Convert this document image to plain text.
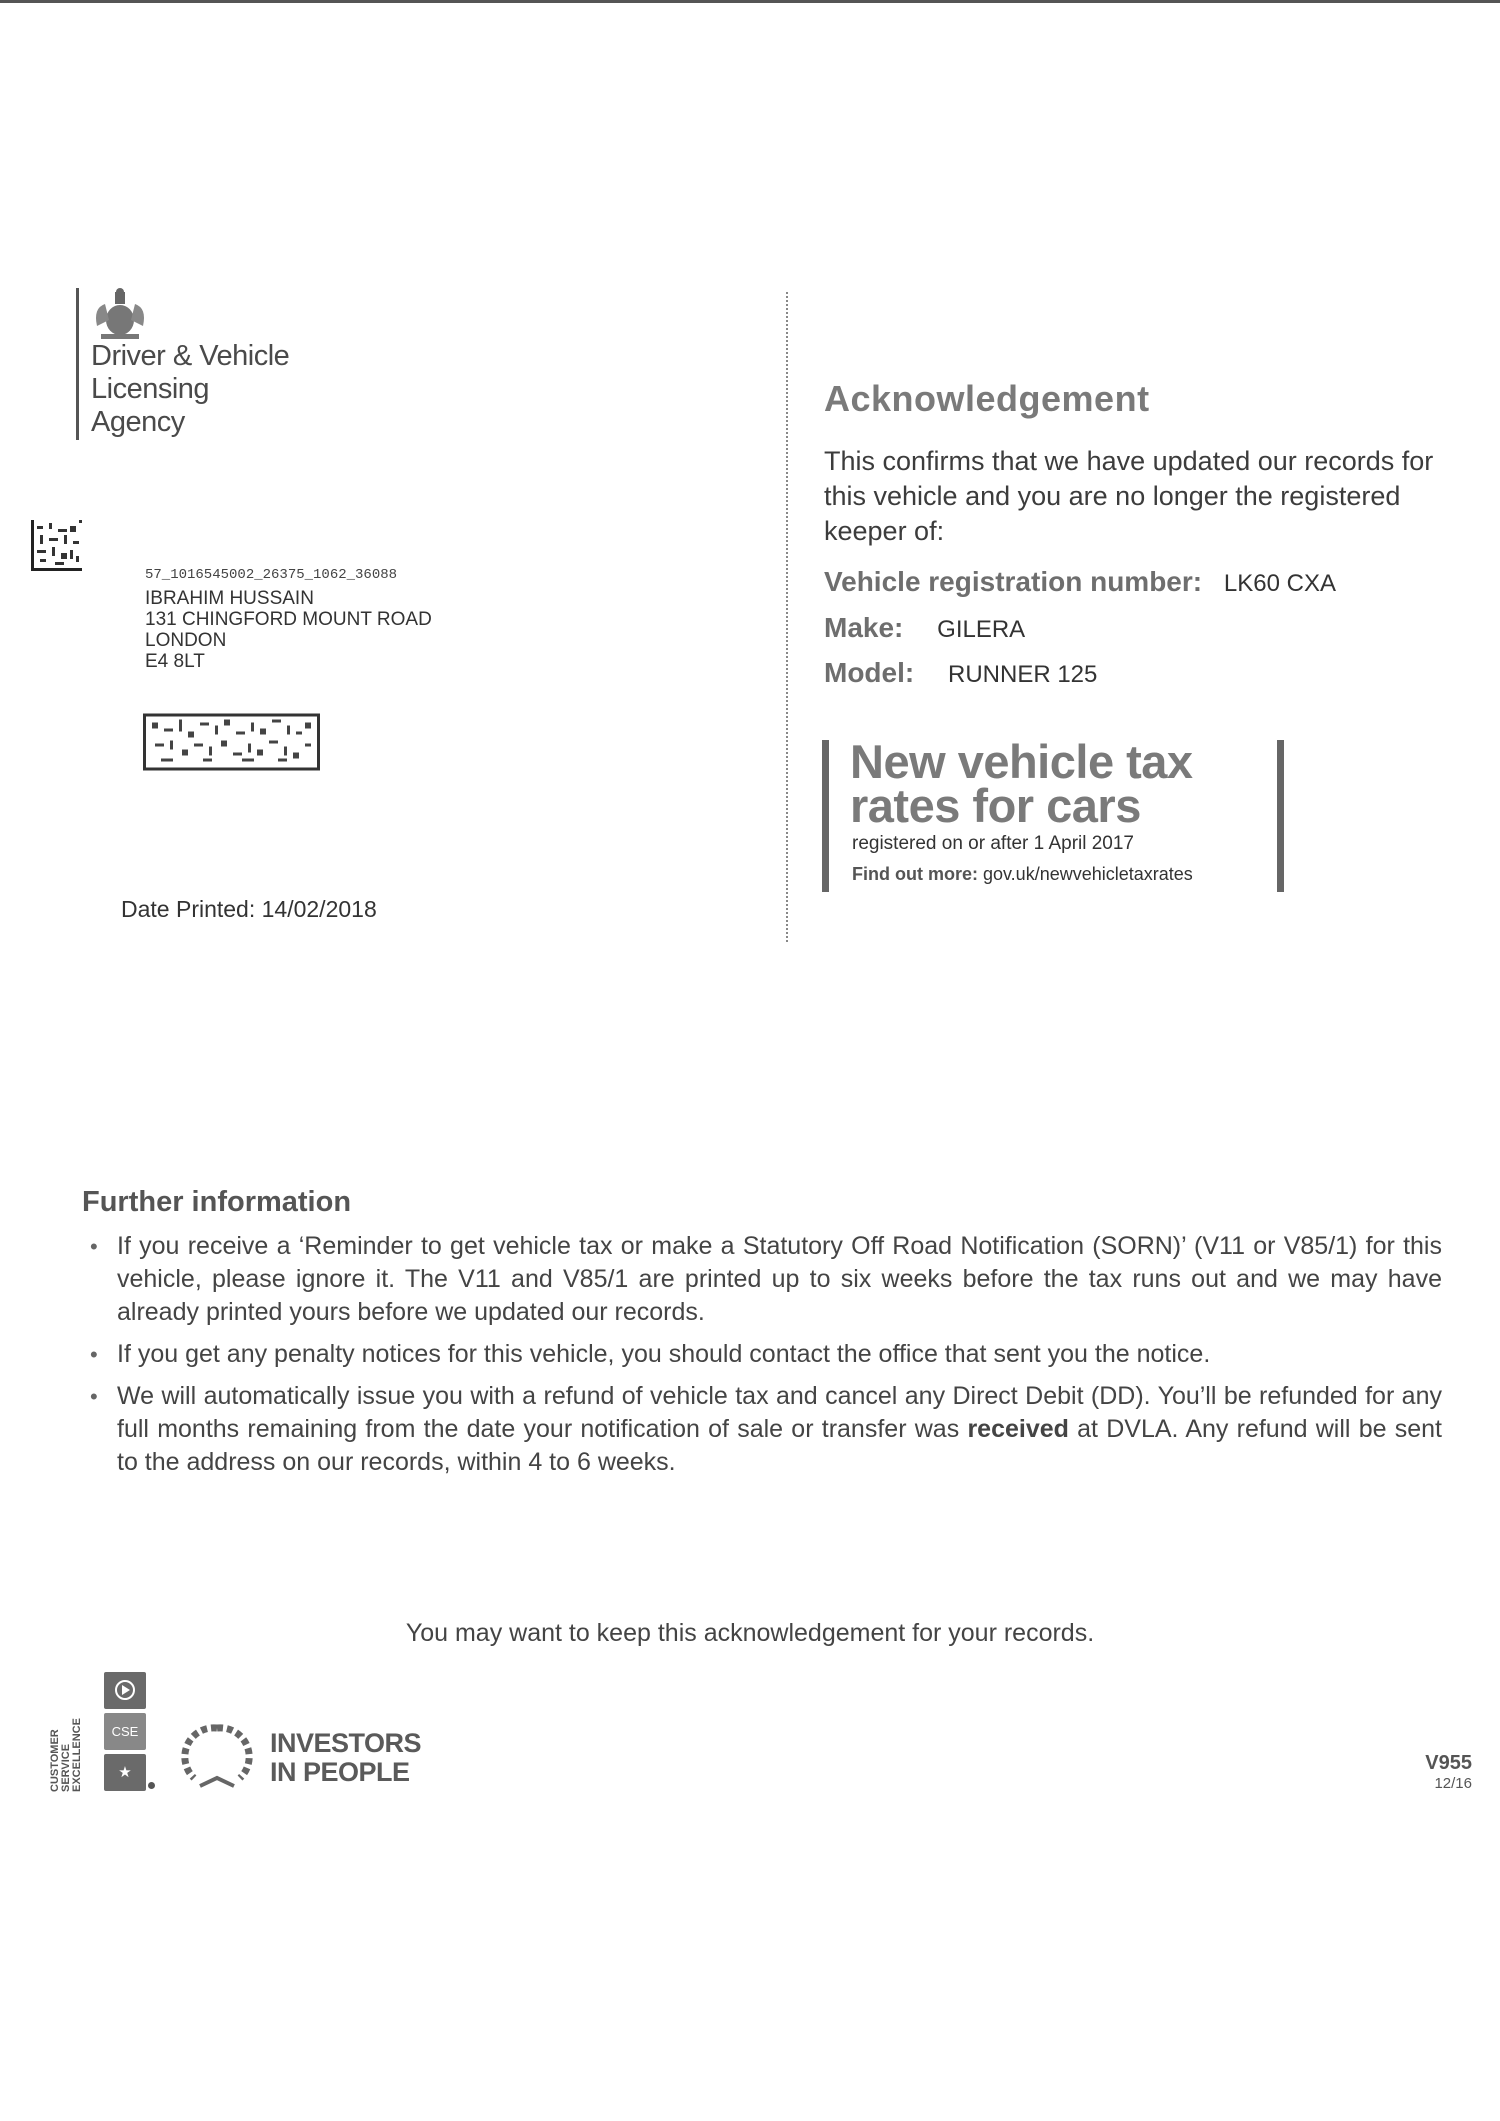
Driver & Vehicle
Licensing
Agency
57_1016545002_26375_1062_36088
IBRAHIM HUSSAIN
131 CHINGFORD MOUNT ROAD
LONDON
E4 8LT
Date Printed: 14/02/2018
Acknowledgement
This confirms that we have updated our records for this vehicle and you are no longer the registered keeper of:
Vehicle registration number: LK60 CXA
Make: GILERA
Model: RUNNER 125
New vehicle tax
rates for cars
registered on or after 1 April 2017
Find out more: gov.uk/newvehicletaxrates
Further information
• If you receive a ‘Reminder to get vehicle tax or make a Statutory Off Road Notification (SORN)’ (V11 or V85/1) for this vehicle, please ignore it. The V11 and V85/1 are printed up to six weeks before the tax runs out and we may have already printed yours before we updated our records.
• If you get any penalty notices for this vehicle, you should contact the office that sent you the notice.
• We will automatically issue you with a refund of vehicle tax and cancel any Direct Debit (DD). You’ll be refunded for any full months remaining from the date your notification of sale or transfer was received at DVLA. Any refund will be sent to the address on our records, within 4 to 6 weeks.
You may want to keep this acknowledgement for your records.
CUSTOMER SERVICE EXCELLENCE	CSE
★
INVESTORS
IN PEOPLE	V955
12/16
